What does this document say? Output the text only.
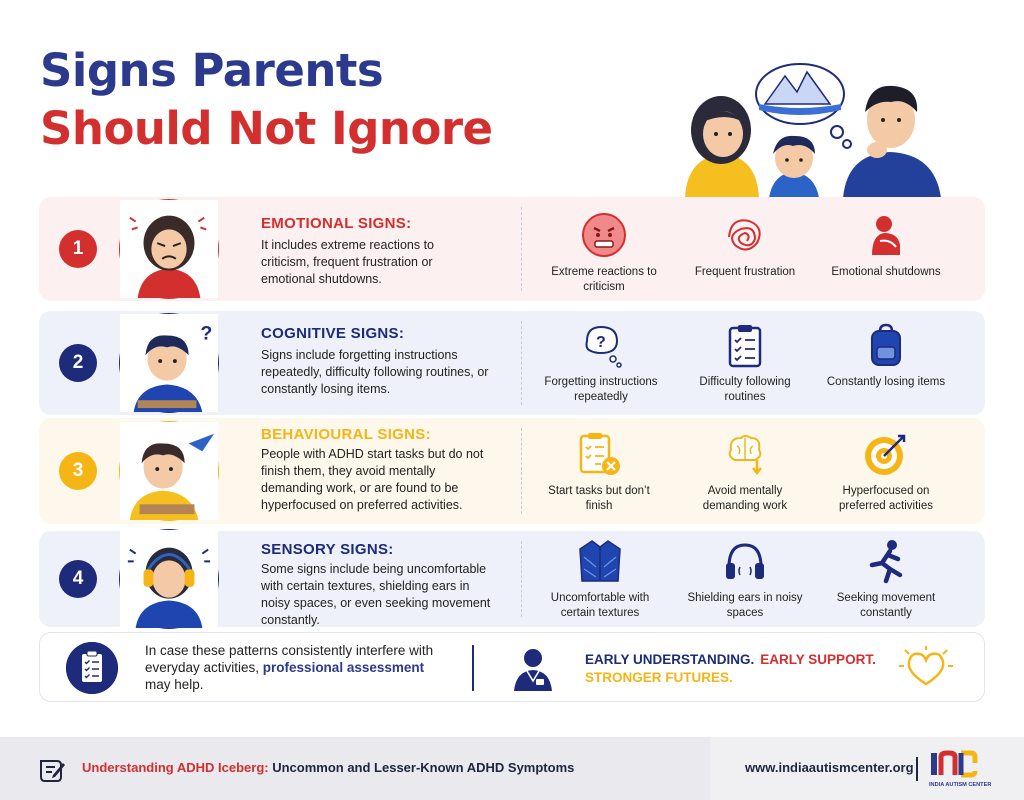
Signs Parents
Should Not Ignore
1
EMOTIONAL SIGNS:
It includes extreme reactions to criticism, frequent frustration or emotional shutdowns.	Extreme reactions to criticism
Frequent frustration	Emotional shutdowns
2
?	COGNITIVE SIGNS:
Signs include forgetting instructions repeatedly, difficulty following routines, or constantly losing items.
?
Forgetting instructions repeatedly
Difficulty following routines
Constantly losing items
3
BEHAVIOURAL SIGNS:
People with ADHD start tasks but do not finish them, they avoid mentally demanding work, or are found to be hyperfocused on preferred activities.
Start tasks but don’t finish
Avoid mentally demanding work
Hyperfocused on preferred activities
4
SENSORY SIGNS:
Some signs include being uncomfortable with certain textures, shielding ears in noisy spaces, or even seeking movement constantly.
Uncomfortable with certain textures
Shielding ears in noisy spaces
Seeking movement constantly
In case these patterns consistently interfere with everyday activities, professional assessment may help.
EARLY UNDERSTANDING. EARLY SUPPORT.
STRONGER FUTURES.
Understanding ADHD Iceberg: Uncommon and Lesser-Known ADHD Symptoms	www.indiaautismcenter.org
INDIA AUTISM CENTER
